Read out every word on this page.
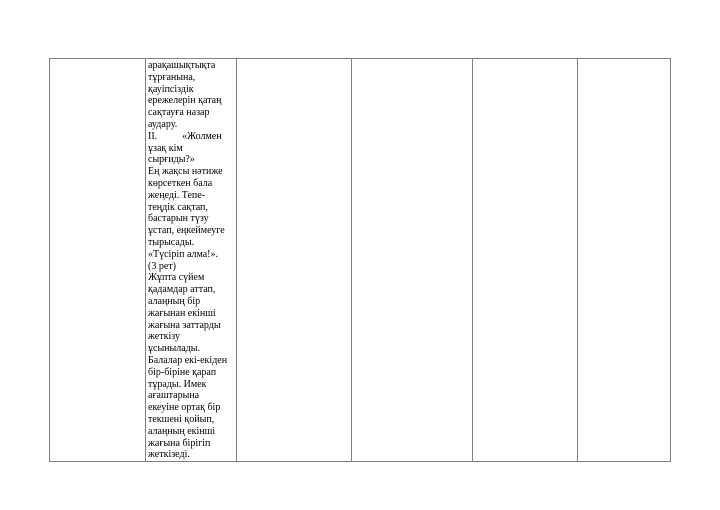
арақашықтықта
тұрғанына,
қауіпсіздік
ережелерін қатаң
сақтауға назар
аудару.
ІІ.          «Жолмен
ұзақ кім
сырғиды?»
Ең жақсы нәтиже
көрсеткен бала
жеңеді. Тепе-
теңдік сақтап,
бастарын түзу
ұстап, еңкеймеуге
тырысады.
«Түсіріп алма!».
(3 рет)
Жұпта сүйем
қадамдар аттап,
алаңның бір
жағынан екінші
жағына заттарды
жеткізу
ұсынылады.
Балалар екі-екіден
бір-біріне қарап
тұрады. Имек
ағаштарына
екеуіне ортақ бір
текшені қойып,
алаңның екінші
жағына бірігіп
жеткізеді.
